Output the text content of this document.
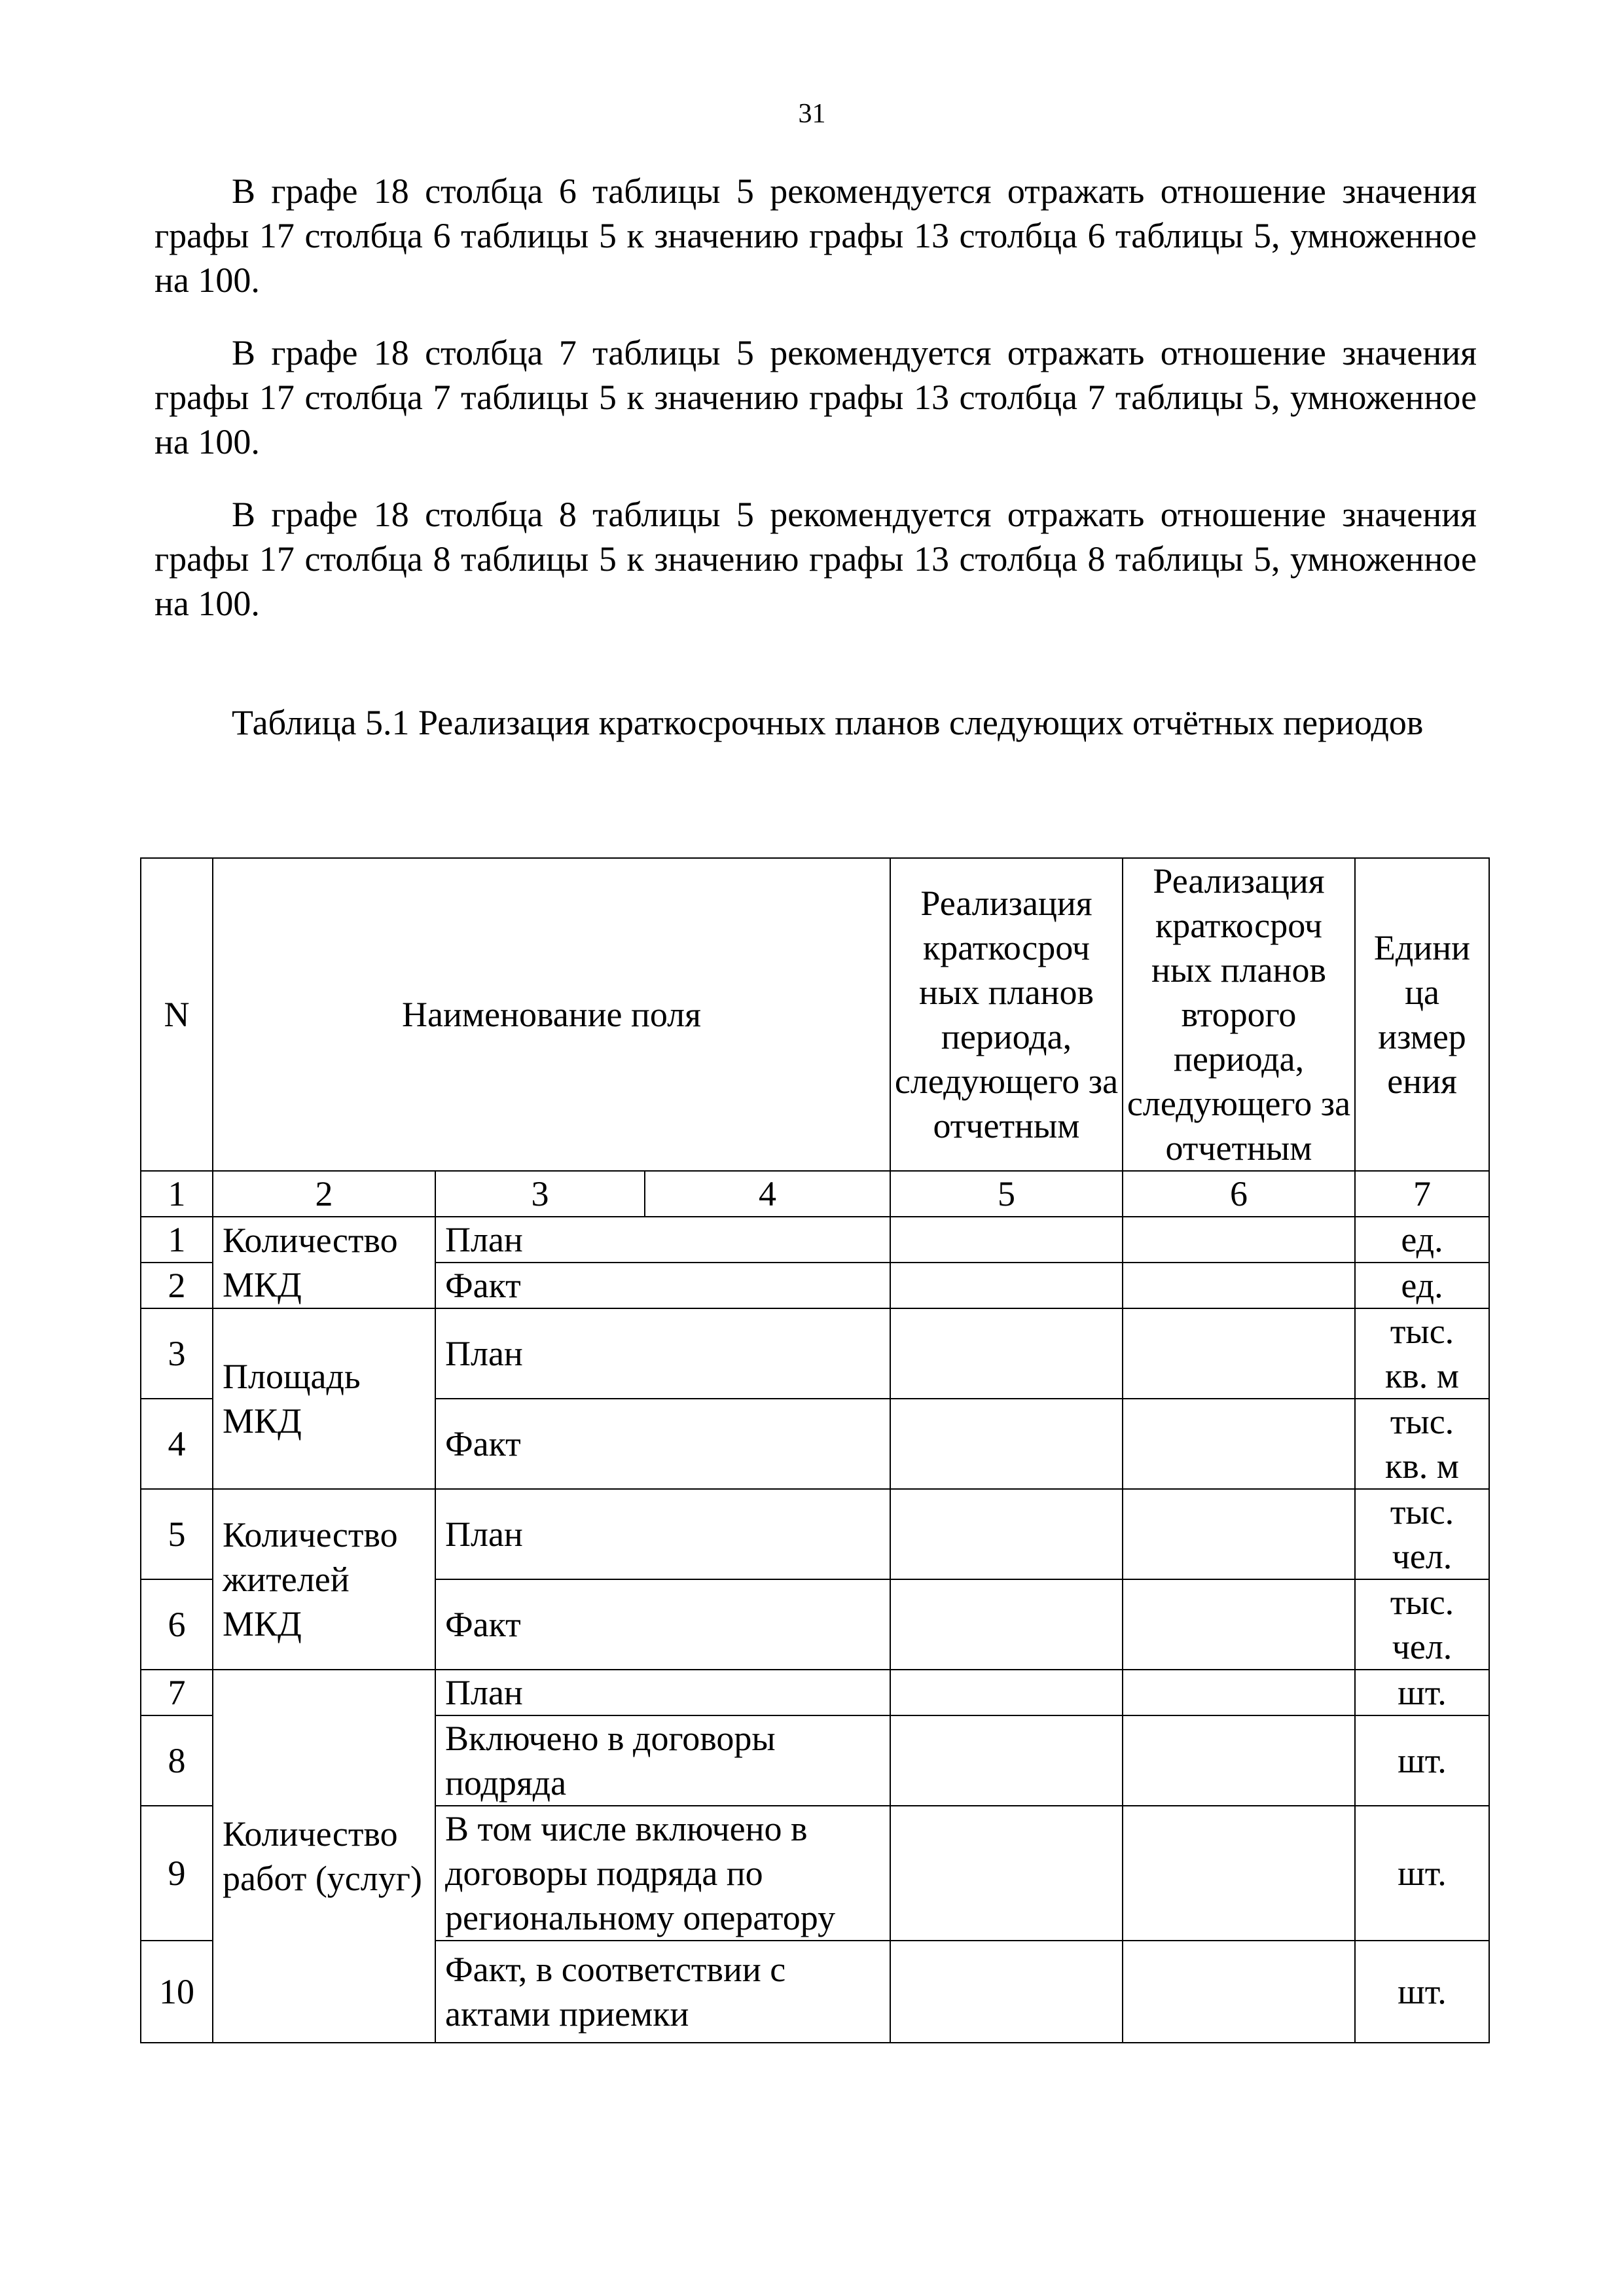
31

В графе 18 столбца 6 таблицы 5 рекомендуется отражать отношение значения графы 17 столбца 6 таблицы 5 к значению графы 13 столбца 6 таблицы 5, умноженное на 100.

В графе 18 столбца 7 таблицы 5 рекомендуется отражать отношение значения графы 17 столбца 7 таблицы 5 к значению графы 13 столбца 7 таблицы 5, умноженное на 100.

В графе 18 столбца 8 таблицы 5 рекомендуется отражать отношение значения графы 17 столбца 8 таблицы 5 к значению графы 13 столбца 8 таблицы 5, умноженное на 100.

Таблица 5.1 Реализация краткосрочных планов следующих отчётных периодов

N	Наименование поля			Реализация краткосроч ных планов периода, следующего за отчетным	Реализация краткосроч ных планов второго периода, следующего за отчетным	Едини ца измер ения
1	2	3	4	5	6	7
1	Количество МКД	План				ед.
2		Факт				ед.
3	Площадь МКД	План				тыс. кв. м
4		Факт				тыс. кв. м
5	Количество жителей МКД	План				тыс. чел.
6		Факт				тыс. чел.
7	Количество работ (услуг)	План				шт.
8		Включено в договоры подряда				шт.
9		В том числе включено в договоры подряда по региональному оператору				шт.
10		Факт, в соответствии с актами приемки				шт.
